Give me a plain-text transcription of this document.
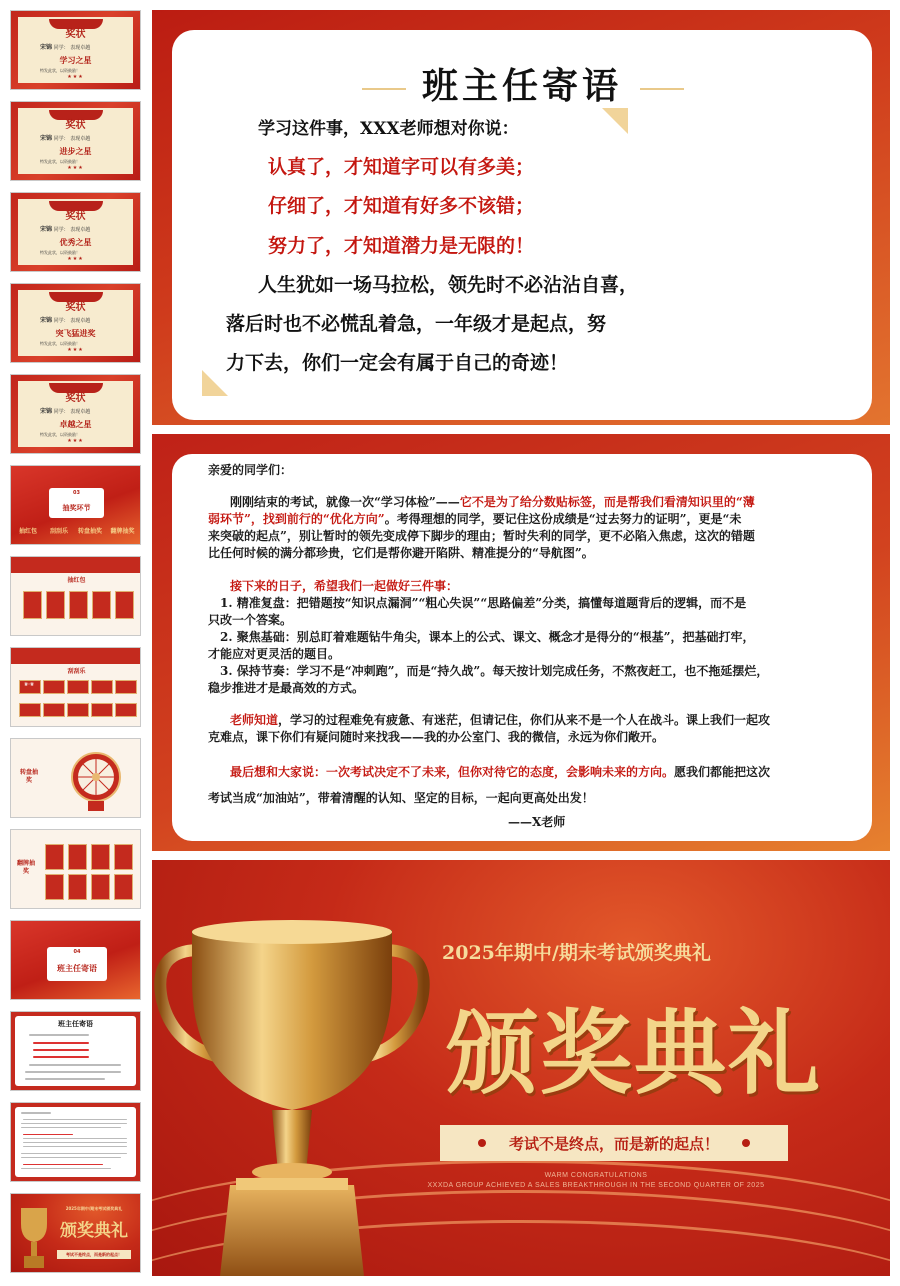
奖状
宋锦 同学： 表现卓越
学习之星
特发此状，以资鼓励！
★★★
奖状
宋锦 同学： 表现卓越
进步之星
特发此状，以资鼓励！
★★★
奖状
宋锦 同学： 表现卓越
优秀之星
特发此状，以资鼓励！
★★★
奖状
宋锦 同学： 表现卓越
突飞猛进奖
特发此状，以资鼓励！
★★★
奖状
宋锦 同学： 表现卓越
卓越之星
特发此状，以资鼓励！
★★★
03
抽奖环节
抽红包	刮刮乐	转盘抽奖	翻牌抽奖
抽红包
刮刮乐
谢一谢
转盘抽奖
翻牌抽奖
04
班主任寄语
班主任寄语
2025年期中/期末考试颁奖典礼
颁奖典礼
考试不是终点，而是新的起点！
班主任寄语
学习这件事，XXX老师想对你说：
认真了，才知道字可以有多美；
仔细了，才知道有好多不该错；
努力了，才知道潜力是无限的！
人生犹如一场马拉松，领先时不必沾沾自喜，
落后时也不必慌乱着急，一年级才是起点，努
力下去，你们一定会有属于自己的奇迹！
亲爱的同学们：
刚刚结束的考试，就像一次“学习体检”——它不是为了给分数贴标签，而是帮我们看清知识里的“薄
弱环节”，找到前行的“优化方向”。考得理想的同学，要记住这份成绩是“过去努力的证明”，更是“未
来突破的起点”，别让暂时的领先变成停下脚步的理由；暂时失利的同学，更不必陷入焦虑，这次的错题
比任何时候的满分都珍贵，它们是帮你避开陷阱、精准提分的“导航图”。
接下来的日子，希望我们一起做好三件事：
1. 精准复盘：把错题按“知识点漏洞”“粗心失误”“思路偏差”分类，搞懂每道题背后的逻辑，而不是
只改一个答案。
2. 聚焦基础：别总盯着难题钻牛角尖，课本上的公式、课文、概念才是得分的“根基”，把基础打牢，
才能应对更灵活的题目。
3. 保持节奏：学习不是“冲刺跑”，而是“持久战”。每天按计划完成任务，不熬夜赶工，也不拖延摆烂，
稳步推进才是最高效的方式。
老师知道，学习的过程难免有疲惫、有迷茫，但请记住，你们从来不是一个人在战斗。课上我们一起攻
克难点，课下你们有疑问随时来找我——我的办公室门、我的微信，永远为你们敞开。
最后想和大家说：一次考试决定不了未来，但你对待它的态度，会影响未来的方向。愿我们都能把这次
考试当成“加油站”，带着清醒的认知、坚定的目标，一起向更高处出发！
——X老师
2025年期中/期末考试颁奖典礼
颁奖典礼
考试不是终点，而是新的起点！
WARM CONGRATULATIONS
XXXDA GROUP ACHIEVED A SALES BREAKTHROUGH IN THE SECOND QUARTER OF 2025
